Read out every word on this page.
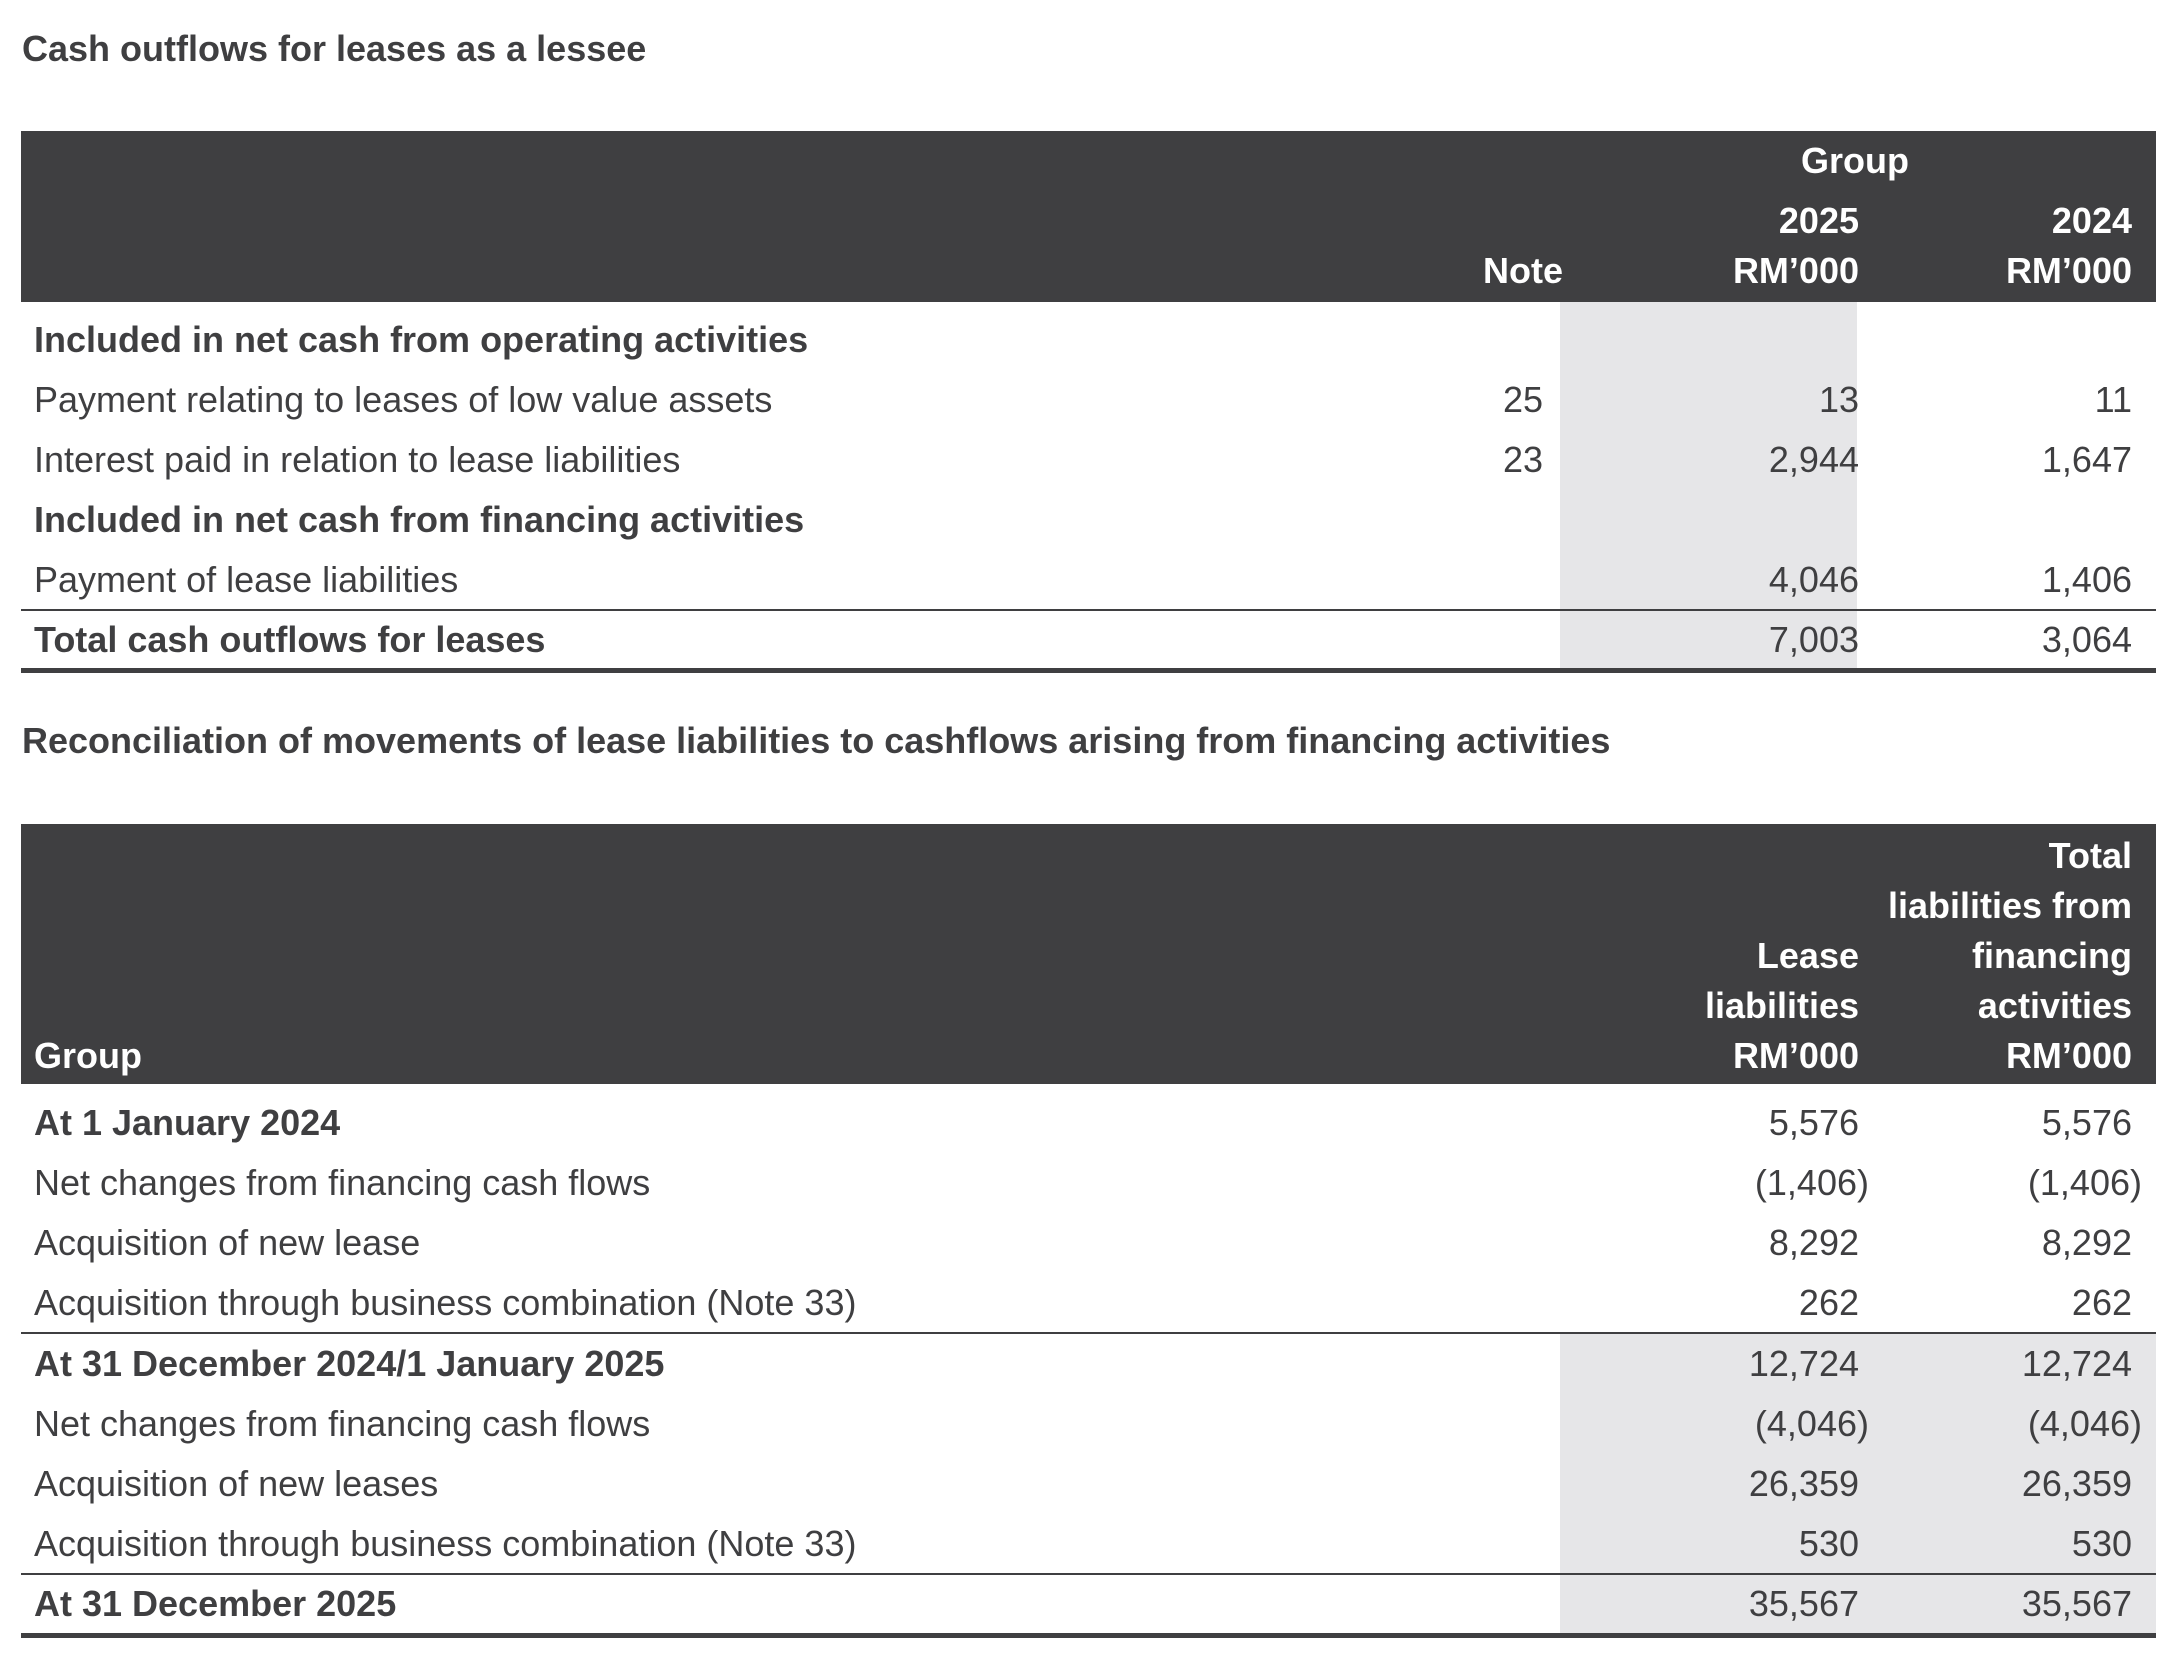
Cash outflows for leases as a lessee
Group
Note
2025
RM’000
2024
RM’000
Included in net cash from operating activities
Payment relating to leases of low value assets	25	13	11
Interest paid in relation to lease liabilities	23	2,944	1,647
Included in net cash from financing activities
Payment of lease liabilities	4,046	1,406
Total cash outflows for leases	7,003	3,064
Reconciliation of movements of lease liabilities to cashflows arising from financing activities
Group
Lease
liabilities
RM’000
Total
liabilities from
financing
activities
RM’000
At 1 January 2024	5,576	5,576
Net changes from financing cash flows	(1,406)	(1,406)
Acquisition of new lease	8,292	8,292
Acquisition through business combination (Note 33)	262	262
At 31 December 2024/1 January 2025	12,724	12,724
Net changes from financing cash flows	(4,046)	(4,046)
Acquisition of new leases	26,359	26,359
Acquisition through business combination (Note 33)	530	530
At 31 December 2025	35,567	35,567
